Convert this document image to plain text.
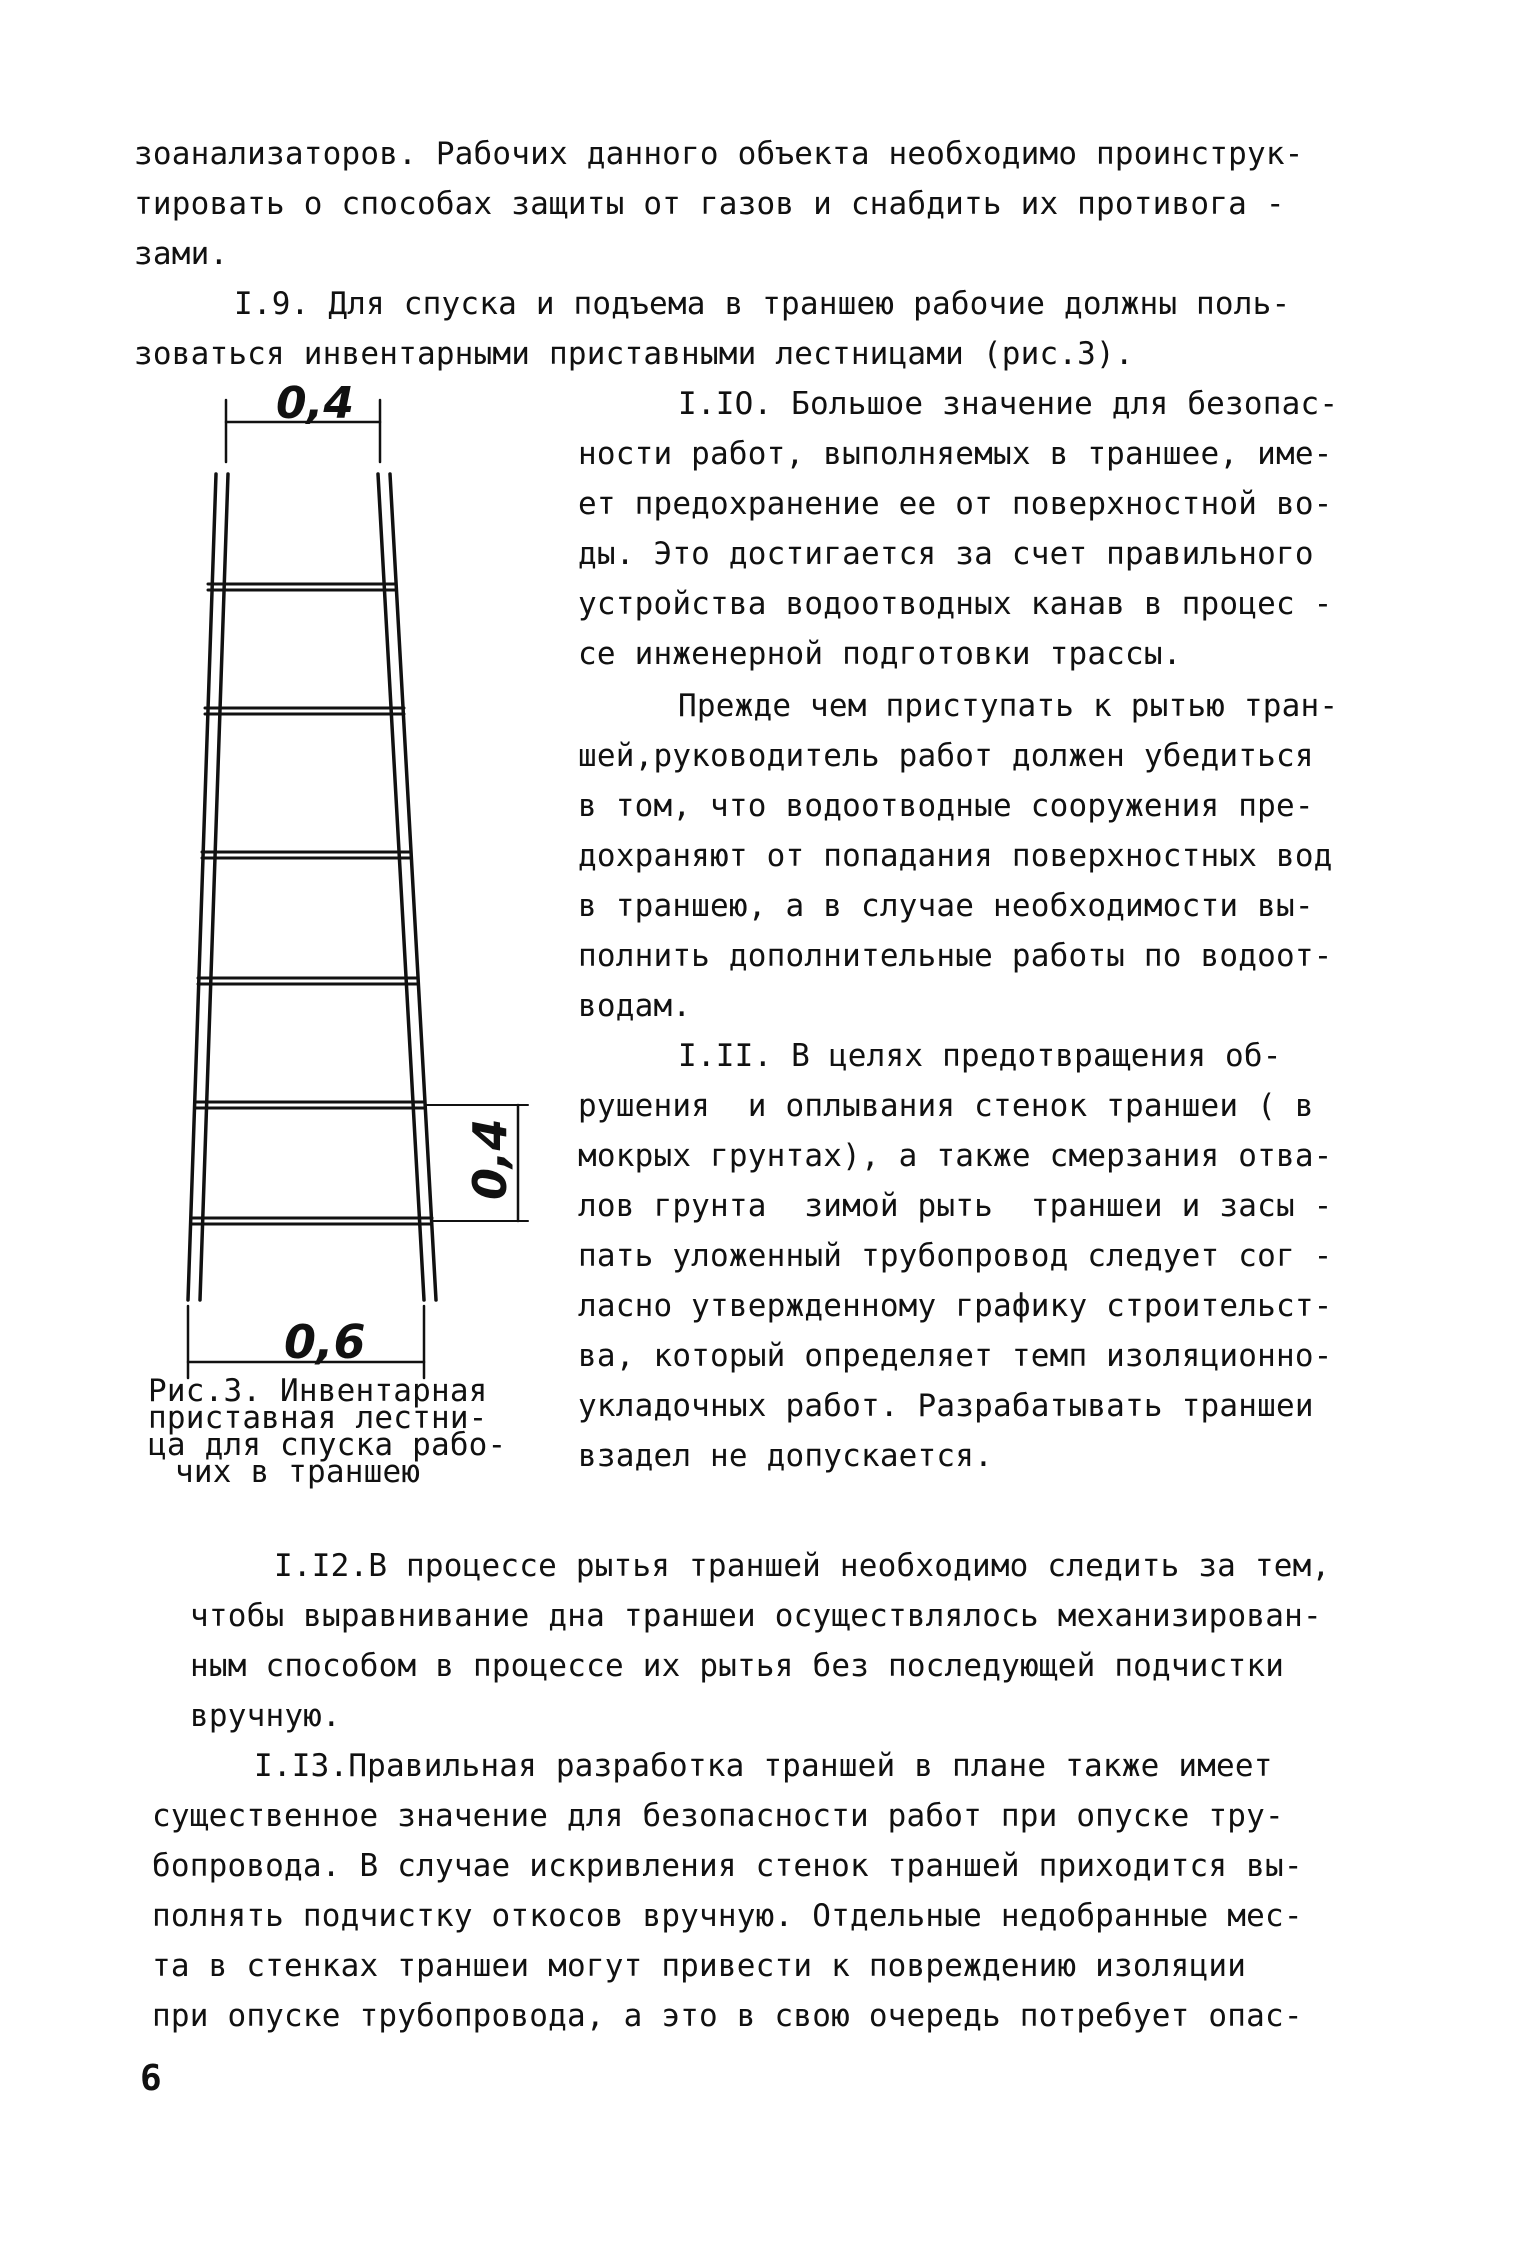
зоанализаторов. Рабочих данного объекта необходимо проинструк-
тировать о способах защиты от газов и снабдить их противога -
зами.
I.9. Для спуска и подъема в траншею рабочие должны поль-
зоваться инвентарными приставными лестницами (рис.3).
I.IO. Большое значение для безопас-
ности работ, выполняемых в траншее, име-
ет предохранение ее от поверхностной во-
ды. Это достигается за счет правильного
устройства водоотводных канав в процес -
се инженерной подготовки трассы.
Прежде чем приступать к рытью тран-
шей,руководитель работ должен убедиться
в том, что водоотводные сооружения пре-
дохраняют от попадания поверхностных вод
в траншею, а в случае необходимости вы-
полнить дополнительные работы по водоот-
водам.
I.II. В целях предотвращения об-
рушения  и оплывания стенок траншеи ( в
мокрых грунтах), а также смерзания отва-
лов грунта  зимой рыть  траншеи и засы -
пать уложенный трубопровод следует сог -
ласно утвержденному графику строительст-
ва, который определяет темп изоляционно-
укладочных работ. Разрабатывать траншеи
взадел не допускается.
Рис.3. Инвентарная
приставная лестни-
ца для спуска рабо-
чих в траншею
I.I2.В процессе рытья траншей необходимо следить за тем,
чтобы выравнивание дна траншеи осуществлялось механизирован-
ным способом в процессе их рытья без последующей подчистки
вручную.
I.I3.Правильная разработка траншей в плане также имеет
существенное значение для безопасности работ при опуске тру-
бопровода. В случае искривления стенок траншей приходится вы-
полнять подчистку откосов вручную. Отдельные недобранные мес-
та в стенках траншеи могут привести к повреждению изоляции
при опуске трубопровода, а это в свою очередь потребует опас-
6
0,4
0,6
0,4
